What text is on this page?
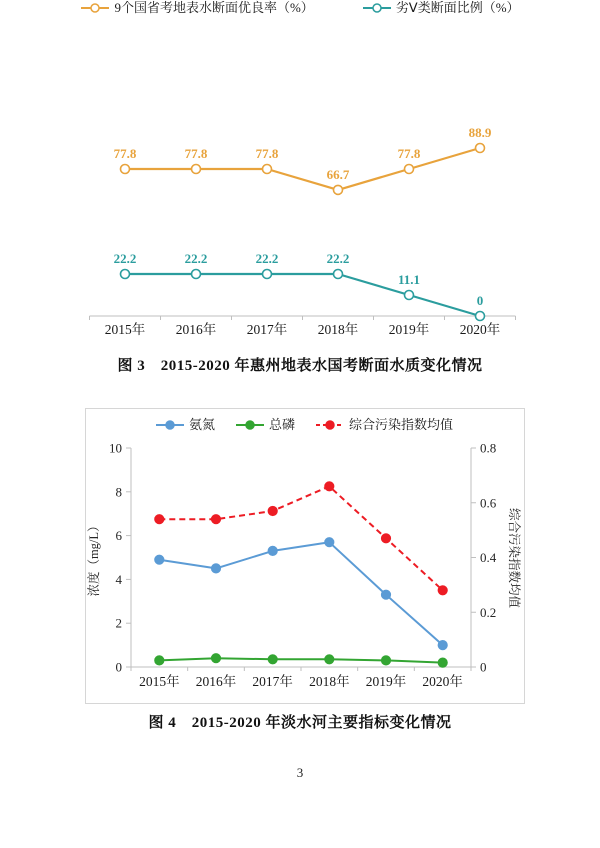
9个国省考地表水断面优良率（%）	劣Ⅴ类断面比例（%）
2015年 2016年 2017年 2018年 2019年 2020年
77.8	77.8	77.8
66.7
77.8
88.9
22.2	22.2	22.2	22.2
11.1
0
图 3　2015-2020 年惠州地表水国考断面水质变化情况
0
2
4
6
8
10
浓度（mg/L）
0
0.2
0.4
0.6
0.8
综合污染指数均值
2015年 2016年 2017年 2018年 2019年 2020年
氨氮	总磷	综合污染指数均值
图 4　2015-2020 年淡水河主要指标变化情况
3
